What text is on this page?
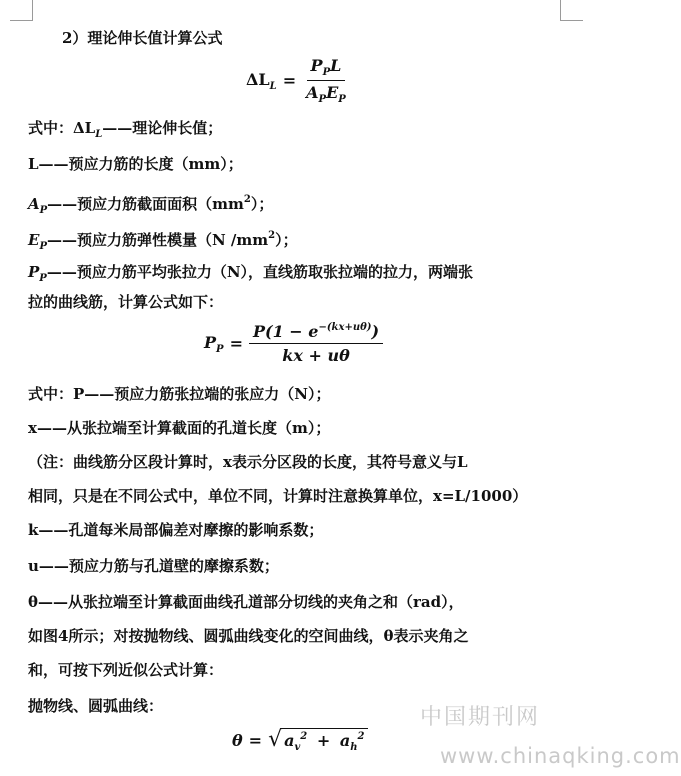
2）理论伸长值计算公式
$\Delta L_L = \frac{P_PL}{A_PE_P}$
式中：$\Delta L_L——$理论伸长值；
L——预应力筋的长度（mm）；
$A_P——$预应力筋截面面积$(mm^2)$；
$E_P——$预应力筋弹性模量（N $/mm^2$）；
$P_P——$预应力筋平均张拉力（N），直线筋取张拉端的拉力，两端张
拉的曲线筋，计算公式如下：
$P_P = \frac{P(1 - e^{-(kx+u\theta)})}{kx + u\theta}$
式中：P——预应力筋张拉端的张应力（N）；
x——从张拉端至计算截面的孔道长度（m）；
（注：曲线筋分区段计算时，x表示分区段的长度，其符号意义与L
相同，只是在不同公式中，单位不同，计算时注意换算单位，x=L/1000）
k——孔道每米局部偏差对摩擦的影响系数；
u——预应力筋与孔道壁的摩擦系数；
θ——从张拉端至计算截面曲线孔道部分切线的夹角之和（rad），
如图4所示；对按抛物线、圆弧曲线变化的空间曲线，θ表示夹角之
和，可按下列近似公式计算：
抛物线、圆弧曲线：
θ = √ $a_v^2 + a_h^2$
中国期刊网
www.chinaqking.com
